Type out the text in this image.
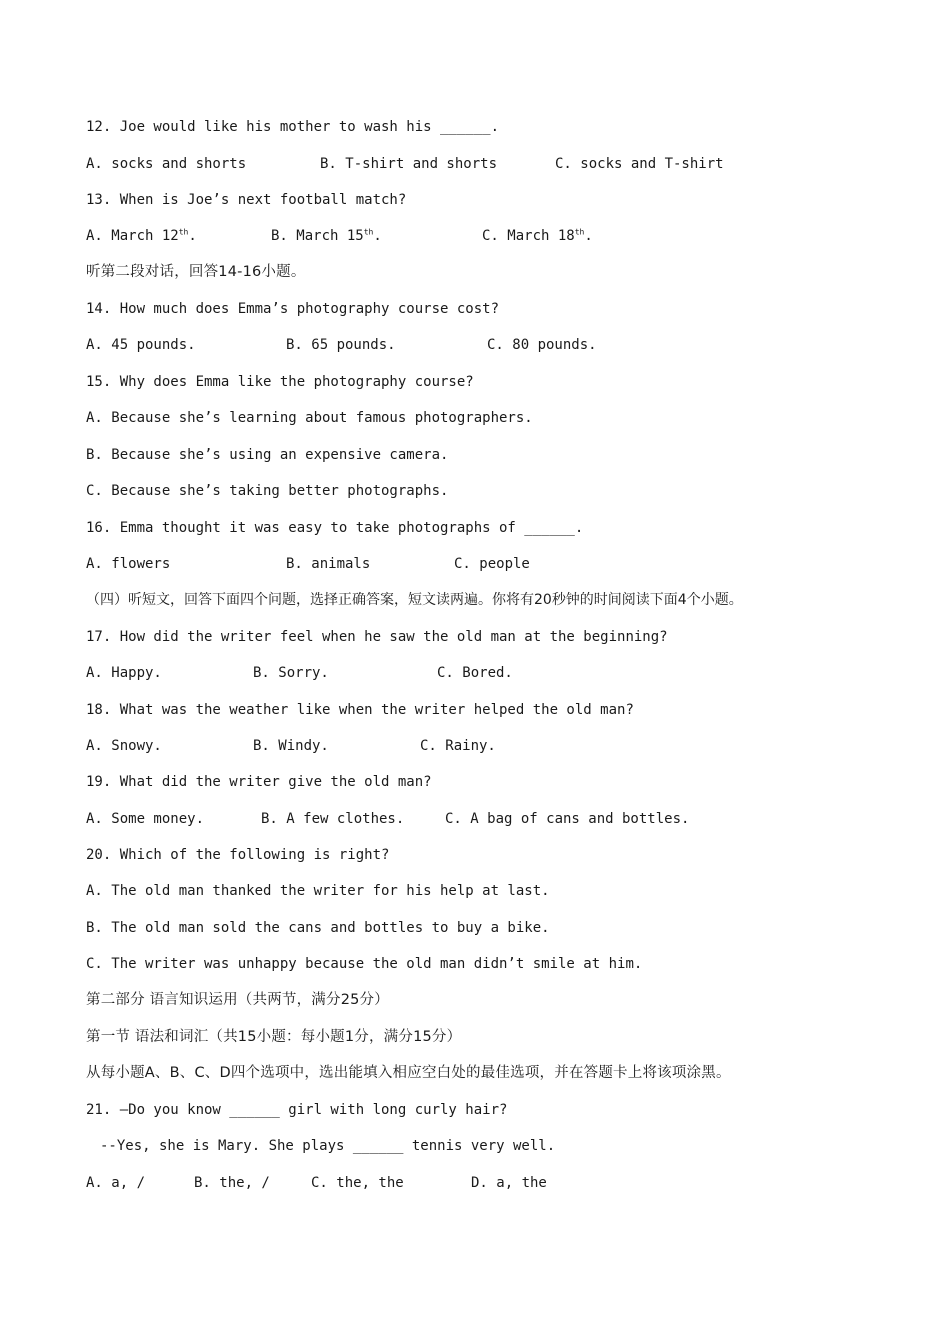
12. Joe would like his mother to wash his ______.

A. socks and shorts

	B. T-shirt and shorts

	C. socks and T-shirt

13. When is Joe’s next football match?

A. March 12th.

	B. March 15th.

	C. March 18th.

听第二段对话，回答14-16小题。
14. How much does Emma’s photography course cost?

A. 45 pounds.

	B. 65 pounds.

	C. 80 pounds.

15. Why does Emma like the photography course?
A. Because she’s learning about famous photographers.
B. Because she’s using an expensive camera.
C. Because she’s taking better photographs.
16. Emma thought it was easy to take photographs of ______.

A. flowers

	B. animals

	C. people

（四）听短文，回答下面四个问题，选择正确答案，短文读两遍。你将有20秒钟的时间阅读下面4个小题。
17. How did the writer feel when he saw the old man at the beginning?

A. Happy.

	B. Sorry.

	C. Bored.

18. What was the weather like when the writer helped the old man?

A. Snowy.

	B. Windy.

	C. Rainy.

19. What did the writer give the old man?

A. Some money.

	B. A few clothes.

	C. A bag of cans and bottles.

20. Which of the following is right?
A. The old man thanked the writer for his help at last.
B. The old man sold the cans and bottles to buy a bike.
C. The writer was unhappy because the old man didn’t smile at him.
第二部分 语言知识运用（共两节，满分25分）
第一节 语法和词汇（共15小题：每小题1分，满分15分）
从每小题A、B、C、D四个选项中，选出能填入相应空白处的最佳选项，并在答题卡上将该项涂黑。
21. –Do you know ______ girl with long curly hair?
--Yes, she is Mary. She plays ______ tennis very well.

A. a, /

	B. the, /

	C. the, the

	D. a, the
